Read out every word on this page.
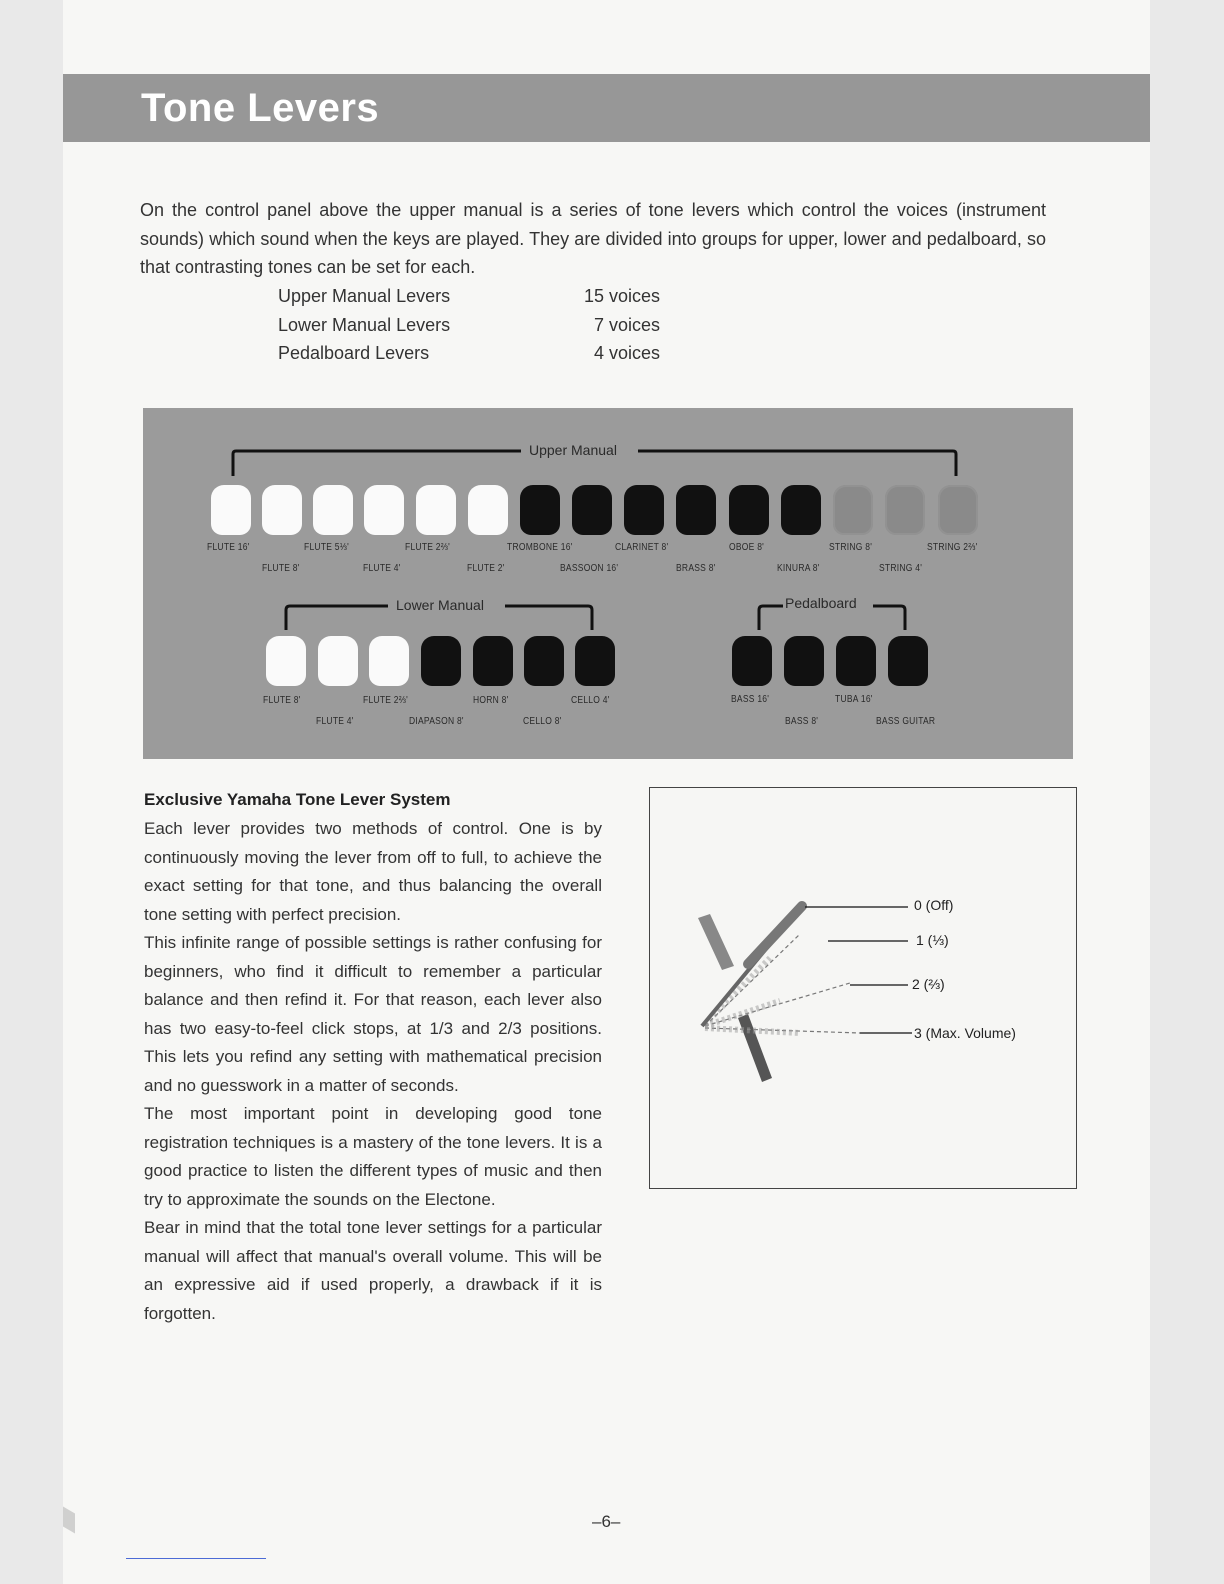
Tone Levers
On the control panel above the upper manual is a series of tone levers which control the voices (instrument sounds) which sound when the keys are played. They are divided into groups for upper, lower and pedalboard, so that contrasting tones can be set for each.
Upper Manual Levers	15 voices
Lower Manual Levers	7 voices
Pedalboard Levers	4 voices
Upper Manual
Lower Manual	Pedalboard
FLUTE 16'	FLUTE 5⅓'	FLUTE 2⅔'	TROMBONE 16'	CLARINET 8'	OBOE 8'	STRING 8'	STRING 2⅔'
FLUTE 8'	FLUTE 4'	FLUTE 2'	BASSOON 16'	BRASS 8'	KINURA 8'	STRING 4'
FLUTE 8'	FLUTE 2⅔'	HORN 8'	CELLO 4'
FLUTE 4'	DIAPASON 8'	CELLO 8'
BASS 16'	TUBA 16'
BASS 8'	BASS GUITAR
Exclusive Yamaha Tone Lever System

Each lever provides two methods of control. One is by continuously moving the lever from off to full, to achieve the exact setting for that tone, and thus balancing the overall tone setting with perfect precision.

This infinite range of possible settings is rather confusing for beginners, who find it difficult to remember a particular balance and then refind it. For that reason, each lever also has two easy-to-feel click stops, at 1/3 and 2/3 positions. This lets you refind any setting with mathematical precision and no guesswork in a matter of seconds.

The most important point in developing good tone registration techniques is a mastery of the tone levers. It is a good practice to listen the different types of music and then try to approximate the sounds on the Electone.

Bear in mind that the total tone lever settings for a particular manual will affect that manual's overall volume. This will be an expressive aid if used properly, a drawback if it is forgotten.

0 (Off)
1 (⅓)
2 (⅔)
3 (Max. Volume)
–6–
